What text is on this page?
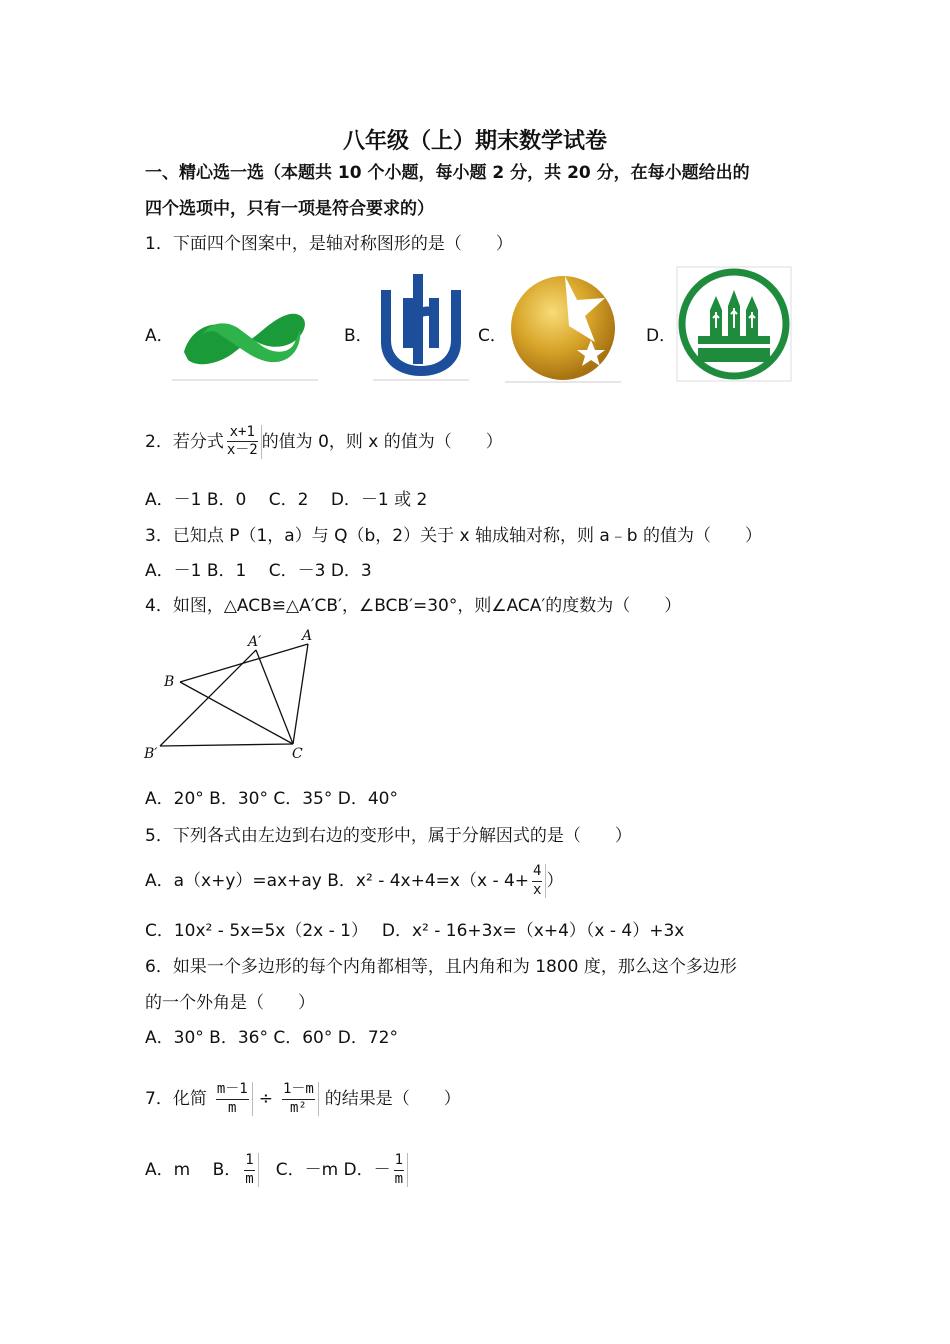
八年级（上）期末数学试卷
一、精心选一选（本题共 10 个小题，每小题 2 分，共 20 分，在每小题给出的
四个选项中，只有一项是符合要求的）
1．下面四个图案中，是轴对称图形的是（　　）
A．	B．	C．	D．
2．若分式 $\frac{x+1}{x-2}$ 的值为 0，则 x 的值为（　　）
A．－1 B．0　 C．2　 D．－1 或 2
3．已知点 P（1，a）与 Q（b，2）关于 x 轴成轴对称，则 a﹣b 的值为（　　）
A．－1 B．1　 C．－3 D．3
4．如图，△ACB≌△A′CB′，∠BCB′=30°，则∠ACA′的度数为（　　）
A′	A
B
B′	C
A．20° B．30° C．35° D．40°
5．下列各式由左边到右边的变形中，属于分解因式的是（　　）
A．a（x+y）=ax+ay B．$x^2 - 4x+4=x(x - 4+ \frac{4}{x}$ ）
C．10x² - 5x=5x（2x - 1）　 D．x² - 16+3x=（x+4）（x - 4）+3x
6．如果一个多边形的每个内角都相等，且内角和为 1800 度，那么这个多边形
的一个外角是（　　）
A．30° B．36° C．60° D．72°
7．化简 $\frac{m-1}{m} \div \frac{1-m}{\text{m²}}$ 的结果是（　　）
A．m　 B． $\frac{1}{m}$ 　C．－m D．－ $\frac{1}{m}$
